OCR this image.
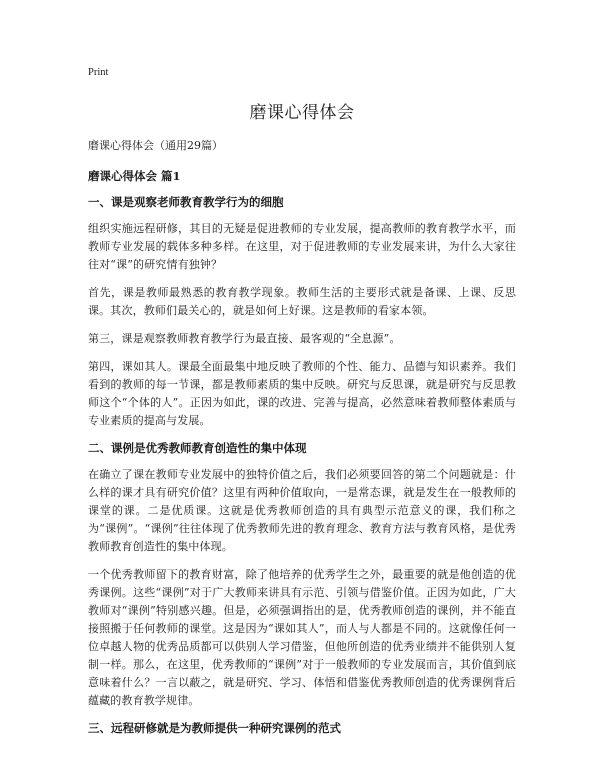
Print
磨课心得体会
磨课心得体会（通用29篇）
磨课心得体会 篇1
一、课是观察老师教育教学行为的细胞

组织实施远程研修，其目的无疑是促进教师的专业发展，提高教师的教育教学水平，而教师专业发展的载体多种多样。在这里，对于促进教师的专业发展来讲，为什么大家往往对“课”的研究情有独钟？

首先，课是教师最熟悉的教育教学现象。教师生活的主要形式就是备课、上课、反思课。其次，教师们最关心的，就是如何上好课。这是教师的看家本领。

第三，课是观察教师教育教学行为最直接、最客观的“全息源”。

第四，课如其人。课最全面最集中地反映了教师的个性、能力、品德与知识素养。我们看到的教师的每一节课，都是教师素质的集中反映。研究与反思课，就是研究与反思教师这个“个体的人”。正因为如此，课的改进、完善与提高，必然意味着教师整体素质与专业素质的提高与发展。

二、课例是优秀教师教育创造性的集中体现

在确立了课在教师专业发展中的独特价值之后，我们必须要回答的第二个问题就是：什么样的课才具有研究价值？这里有两种价值取向，一是常态课，就是发生在一般教师的课堂的课。二是优质课。这就是优秀教师创造的具有典型示范意义的课，我们称之为“课例”。“课例”往往体现了优秀教师先进的教育理念、教育方法与教育风格，是优秀教师教育创造性的集中体现。

一个优秀教师留下的教育财富，除了他培养的优秀学生之外，最重要的就是他创造的优秀课例。这些“课例”对于广大教师来讲具有示范、引领与借鉴价值。正因为如此，广大教师对“课例”特别感兴趣。但是，必须强调指出的是，优秀教师创造的课例，并不能直接照搬于任何教师的课堂。这是因为“课如其人”，而人与人都是不同的。这就像任何一位卓越人物的优秀品质都可以供别人学习借鉴，但他所创造的优秀业绩并不能供别人复制一样。那么，在这里，优秀教师的“课例”对于一般教师的专业发展而言，其价值到底意味着什么？一言以蔽之，就是研究、学习、体悟和借鉴优秀教师创造的优秀课例背后蕴藏的教育教学规律。

三、远程研修就是为教师提供一种研究课例的范式
